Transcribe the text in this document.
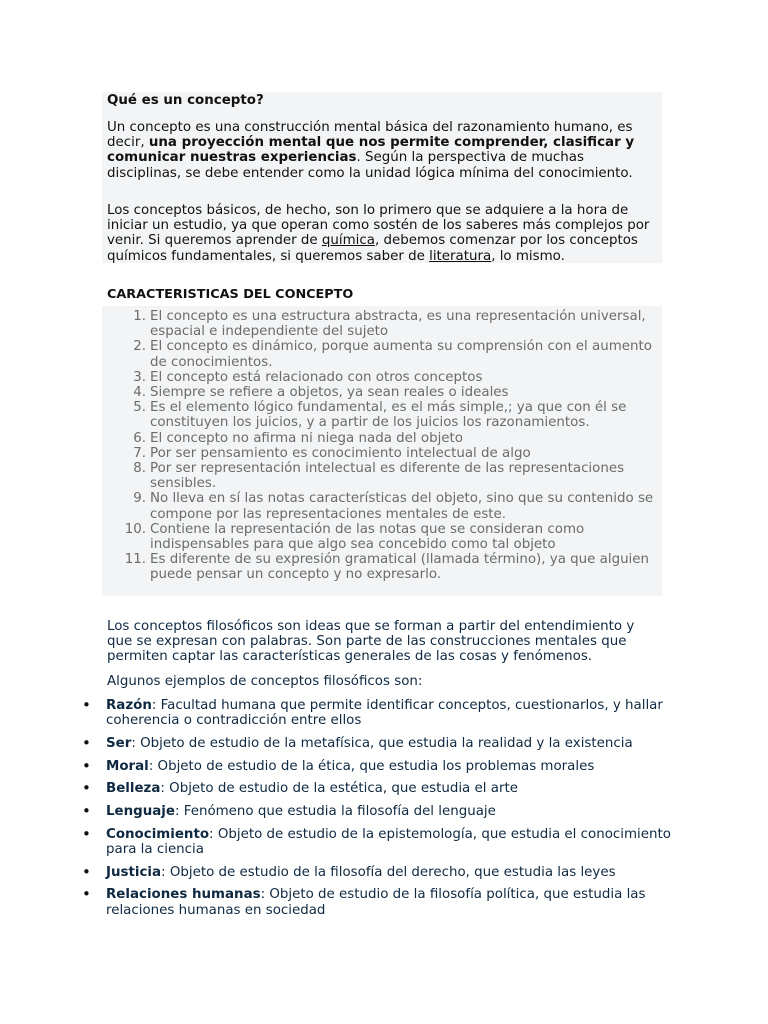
Qué es un concepto?

Un concepto es una construcción mental básica del razonamiento humano, es decir, una proyección mental que nos permite comprender, clasificar y comunicar nuestras experiencias. Según la perspectiva de muchas disciplinas, se debe entender como la unidad lógica mínima del conocimiento.

Los conceptos básicos, de hecho, son lo primero que se adquiere a la hora de iniciar un estudio, ya que operan como sostén de los saberes más complejos por venir. Si queremos aprender de química, debemos comenzar por los conceptos químicos fundamentales, si queremos saber de literatura, lo mismo.

CARACTERISTICAS DEL CONCEPTO

1. El concepto es una estructura abstracta, es una representación universal, espacial e independiente del sujeto
2. El concepto es dinámico, porque aumenta su comprensión con el aumento de conocimientos.
3. El concepto está relacionado con otros conceptos
4. Siempre se refiere a objetos, ya sean reales o ideales
5. Es el elemento lógico fundamental, es el más simple,; ya que con él se constituyen los juicios, y a partir de los juicios los razonamientos.
6. El concepto no afirma ni niega nada del objeto
7. Por ser pensamiento es conocimiento intelectual de algo
8. Por ser representación intelectual es diferente de las representaciones sensibles.
9. No lleva en sí las notas características del objeto, sino que su contenido se compone por las representaciones mentales de este.
10. Contiene la representación de las notas que se consideran como indispensables para que algo sea concebido como tal objeto
11. Es diferente de su expresión gramatical (llamada término), ya que alguien puede pensar un concepto y no expresarlo.

Los conceptos filosóficos son ideas que se forman a partir del entendimiento y que se expresan con palabras. Son parte de las construcciones mentales que permiten captar las características generales de las cosas y fenómenos.

Algunos ejemplos de conceptos filosóficos son:

• Razón: Facultad humana que permite identificar conceptos, cuestionarlos, y hallar coherencia o contradicción entre ellos
• Ser: Objeto de estudio de la metafísica, que estudia la realidad y la existencia
• Moral: Objeto de estudio de la ética, que estudia los problemas morales
• Belleza: Objeto de estudio de la estética, que estudia el arte
• Lenguaje: Fenómeno que estudia la filosofía del lenguaje
• Conocimiento: Objeto de estudio de la epistemología, que estudia el conocimiento para la ciencia
• Justicia: Objeto de estudio de la filosofía del derecho, que estudia las leyes
• Relaciones humanas: Objeto de estudio de la filosofía política, que estudia las relaciones humanas en sociedad
